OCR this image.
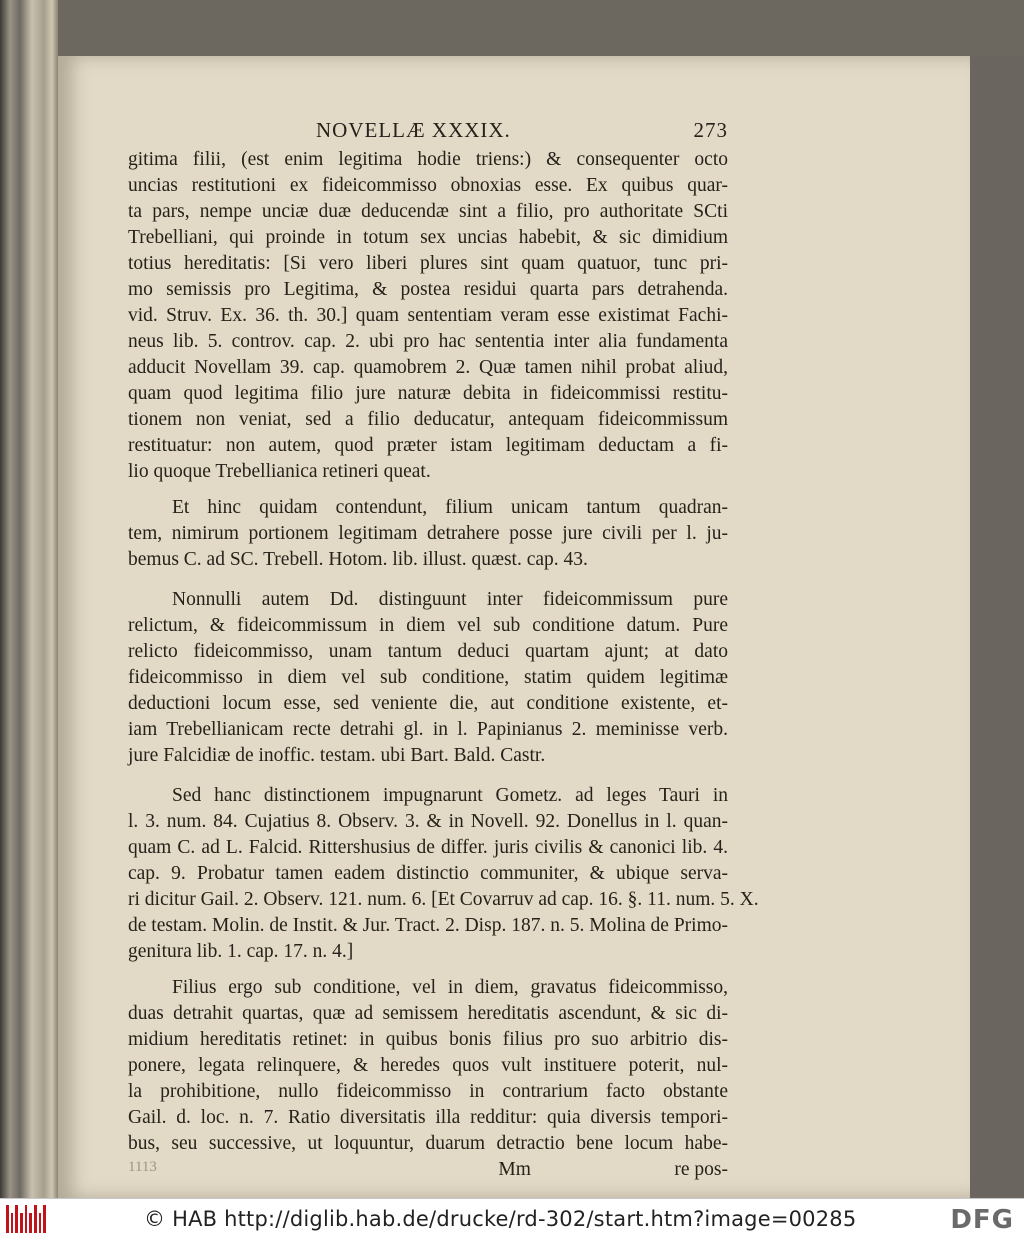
NOVELLÆ XXXIX.	273
gitima filii, (est enim legitima hodie triens:) & consequenter octo
uncias restitutioni ex fideicommisso obnoxias esse. Ex quibus quar-
ta pars, nempe unciæ duæ deducendæ sint a filio, pro authoritate SCti
Trebelliani, qui proinde in totum sex uncias habebit, & sic dimidium
totius hereditatis: [Si vero liberi plures sint quam quatuor, tunc pri-
mo semissis pro Legitima, & postea residui quarta pars detrahenda.
vid. Struv. Ex. 36. th. 30.] quam sententiam veram esse existimat Fachi-
neus lib. 5. controv. cap. 2. ubi pro hac sententia inter alia fundamenta
adducit Novellam 39. cap. quamobrem 2. Quæ tamen nihil probat aliud,
quam quod legitima filio jure naturæ debita in fideicommissi restitu-
tionem non veniat, sed a filio deducatur, antequam fideicommissum
restituatur: non autem, quod præter istam legitimam deductam a fi-
lio quoque Trebellianica retineri queat.
Et hinc quidam contendunt, filium unicam tantum quadran-
tem, nimirum portionem legitimam detrahere posse jure civili per l. ju-
bemus C. ad SC. Trebell. Hotom. lib. illust. quæst. cap. 43.
Nonnulli autem Dd. distinguunt inter fideicommissum pure
relictum, & fideicommissum in diem vel sub conditione datum. Pure
relicto fideicommisso, unam tantum deduci quartam ajunt; at dato
fideicommisso in diem vel sub conditione, statim quidem legitimæ
deductioni locum esse, sed veniente die, aut conditione existente, et-
iam Trebellianicam recte detrahi gl. in l. Papinianus 2. meminisse verb.
jure Falcidiæ de inoffic. testam. ubi Bart. Bald. Castr.
Sed hanc distinctionem impugnarunt Gometz. ad leges Tauri in
l. 3. num. 84. Cujatius 8. Observ. 3. & in Novell. 92. Donellus in l. quan-
quam C. ad L. Falcid. Rittershusius de differ. juris civilis & canonici lib. 4.
cap. 9. Probatur tamen eadem distinctio communiter, & ubique serva-
ri dicitur Gail. 2. Observ. 121. num. 6. [Et Covarruv ad cap. 16. §. 11. num. 5. X.
de testam. Molin. de Instit. & Jur. Tract. 2. Disp. 187. n. 5. Molina de Primo-
genitura lib. 1. cap. 17. n. 4.]
Filius ergo sub conditione, vel in diem, gravatus fideicommisso,
duas detrahit quartas, quæ ad semissem hereditatis ascendunt, & sic di-
midium hereditatis retinet: in quibus bonis filius pro suo arbitrio dis-
ponere, legata relinquere, & heredes quos vult instituere poterit, nul-
la prohibitione, nullo fideicommisso in contrarium facto obstante
Gail. d. loc. n. 7. Ratio diversitatis illa redditur: quia diversis tempori-
bus, seu successive, ut loquuntur, duarum detractio bene locum habe-
1113	Mm	re pos-
© HAB http://diglib.hab.de/drucke/rd-302/start.htm?image=00285	DFG
